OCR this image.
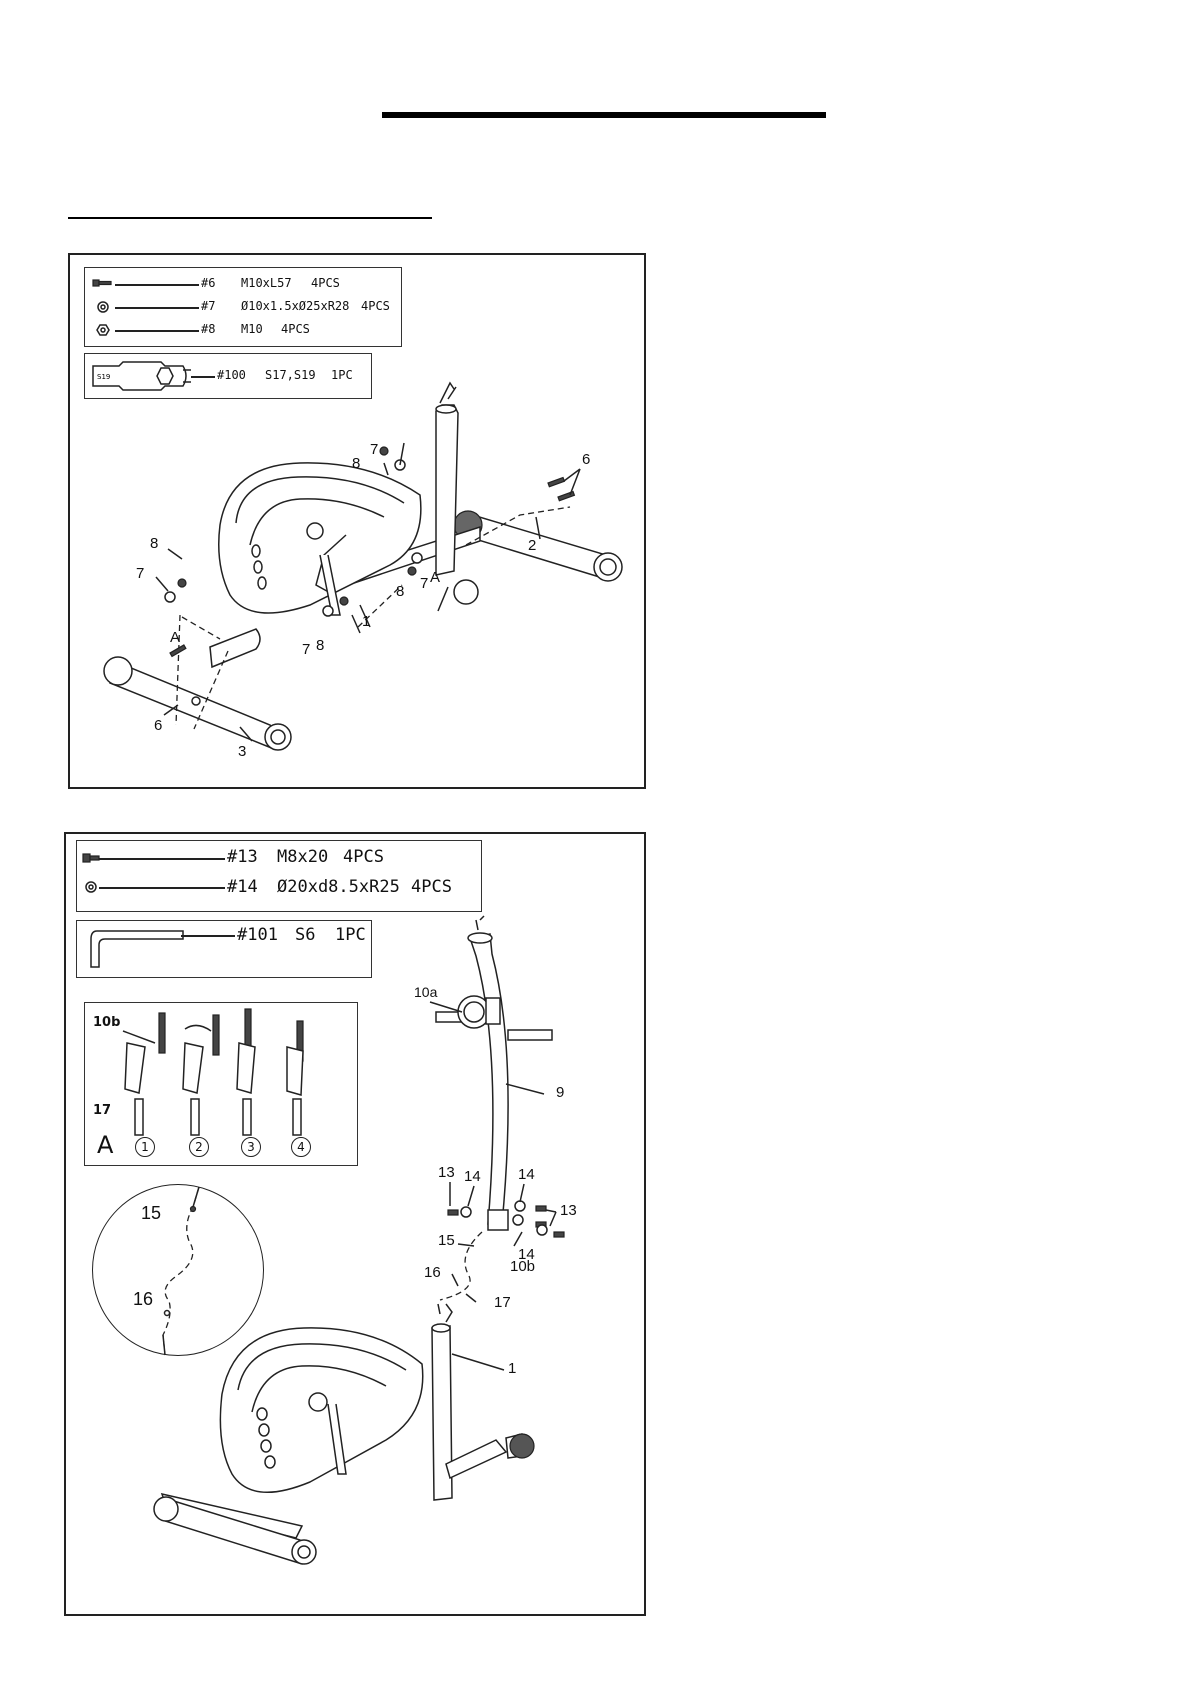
#6 M10xL57 4PCS
#7 Ø10x1.5xØ25xR28 4PCS
#8 M10 4PCS
S19	#100 S17,S19 1PC
8
7
6
2
8
7
A
1
8 7
A
7 8
6
3
#13 M8x20 4PCS
#14 Ø20xd8.5xR25 4PCS
#101 S6 1PC
10b
17
A	1	2	3	4
15
16
10a
9
13 14 14
13
15
14
10b
16
17
1
